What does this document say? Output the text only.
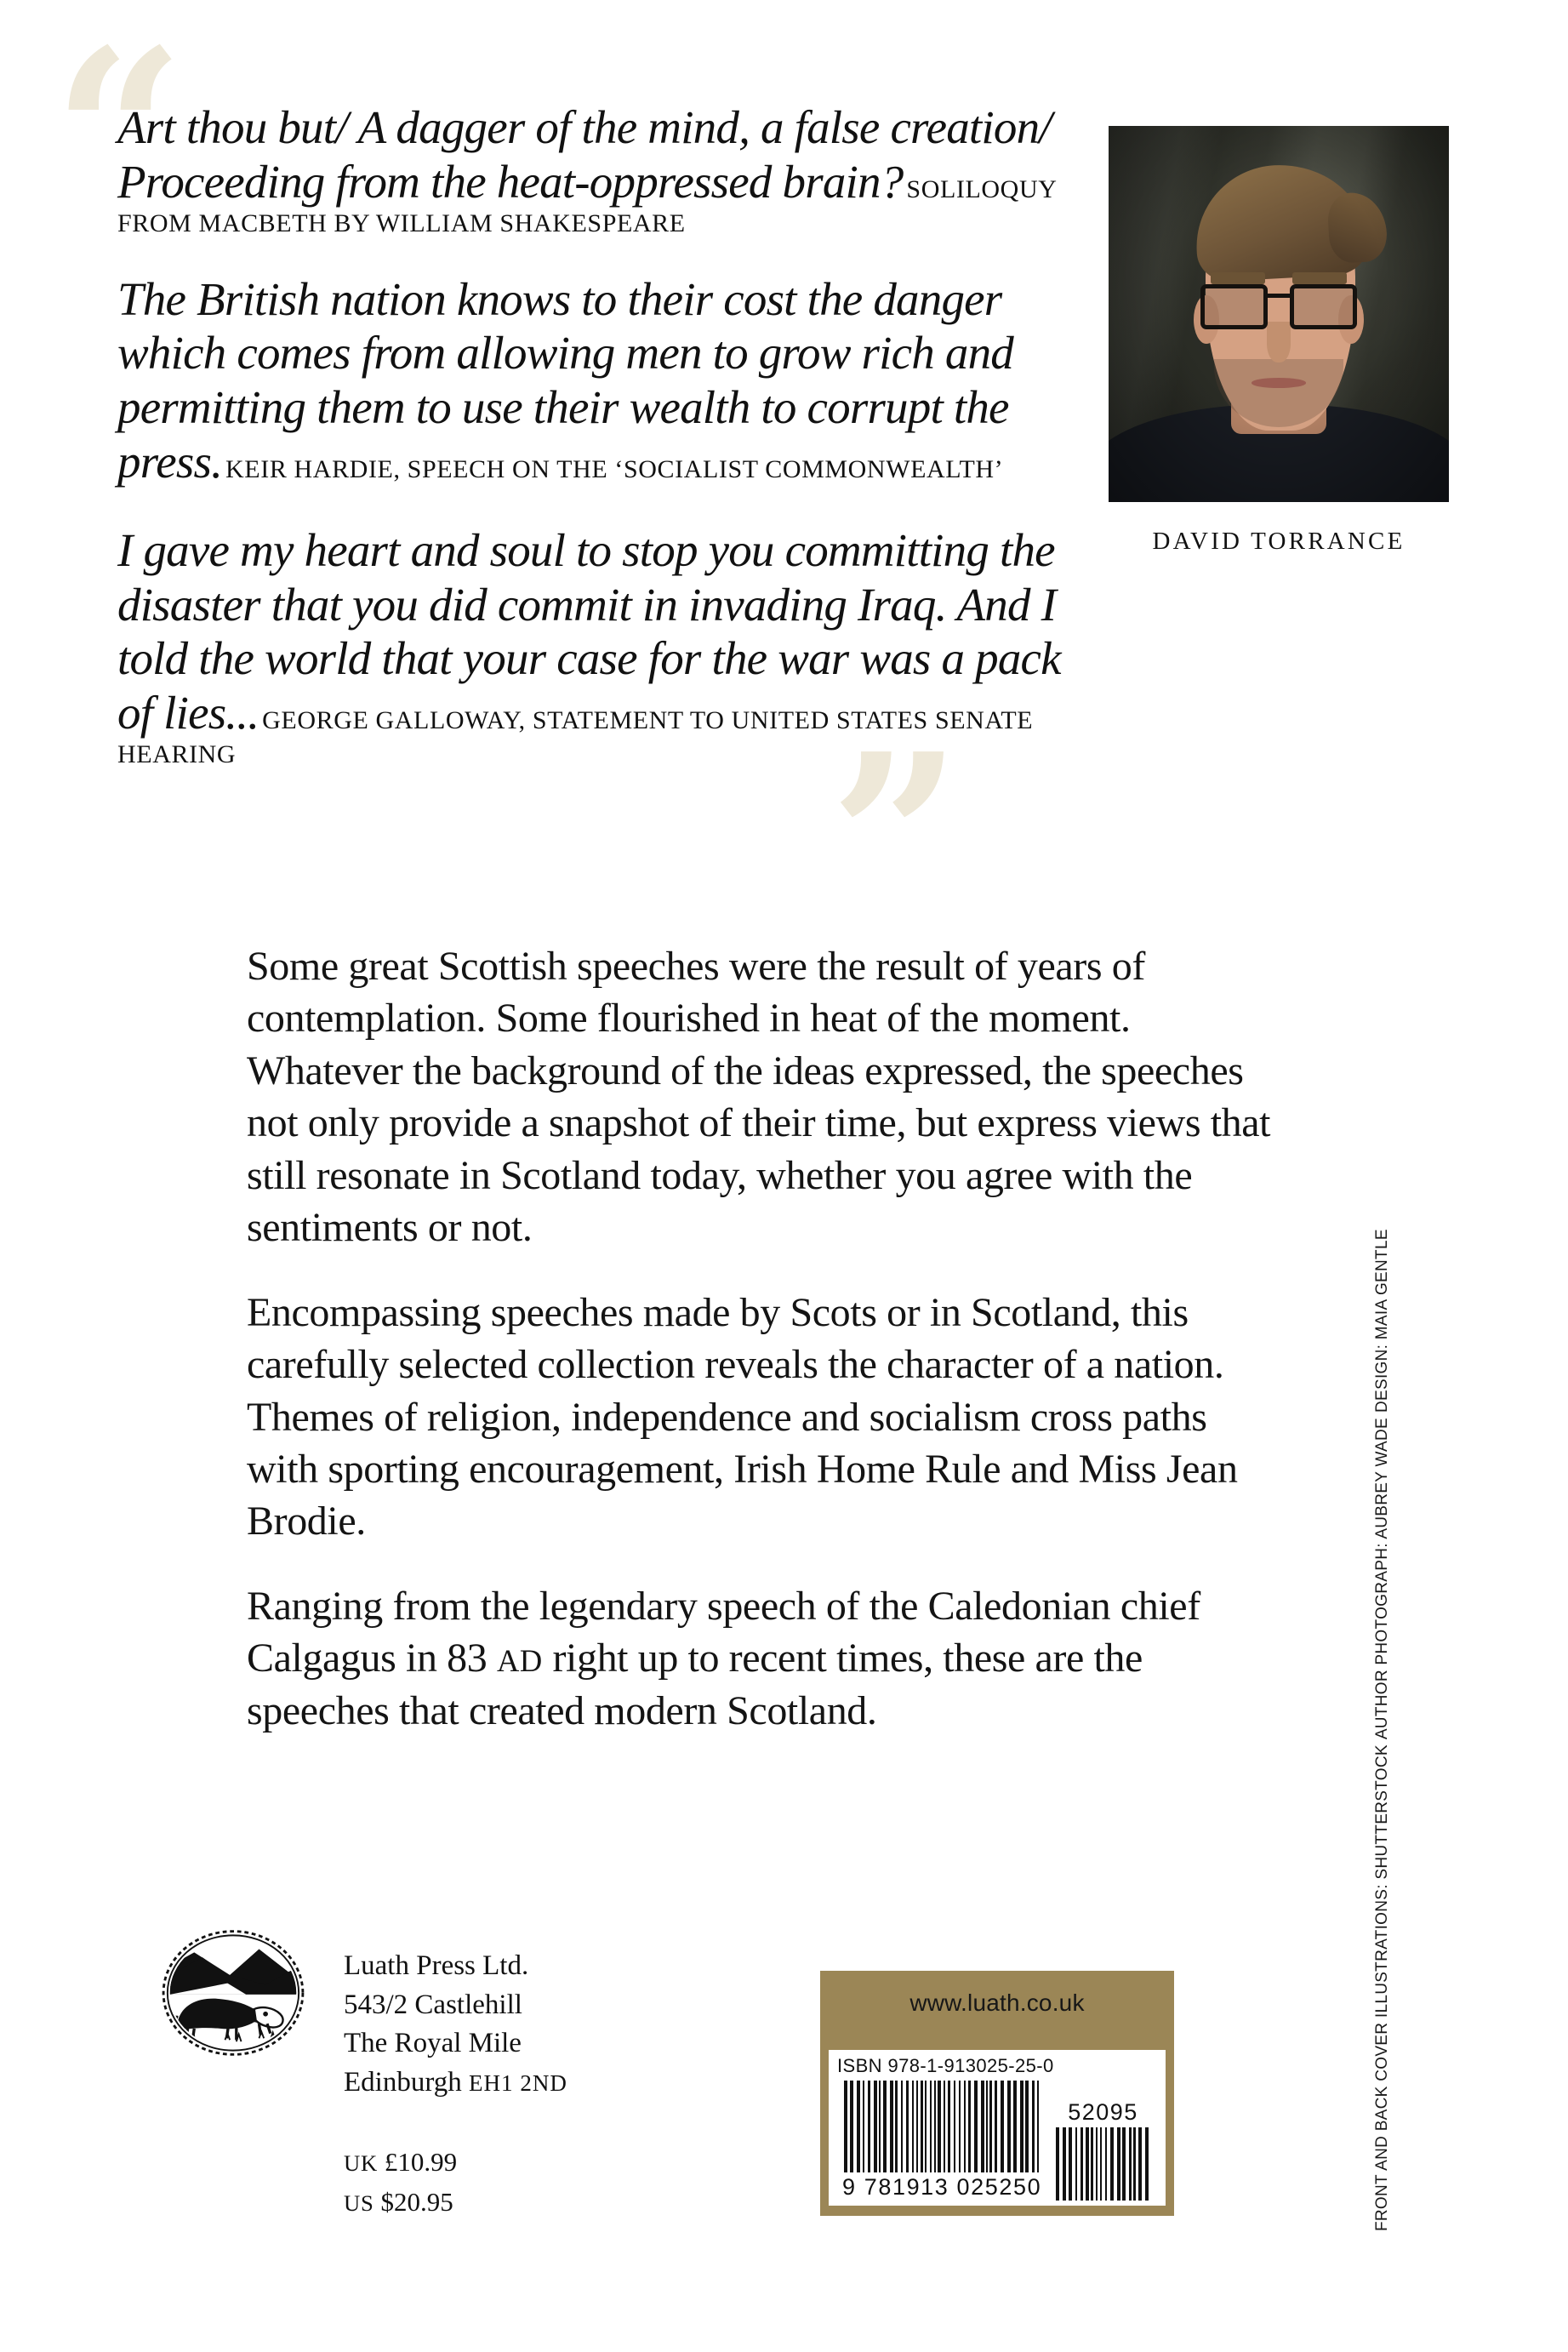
“
”
Art thou but/ A dagger of the mind, a false creation/ Proceeding from the heat-oppressed brain? SOLILOQUY FROM MACBETH BY WILLIAM SHAKESPEARE
The British nation knows to their cost the danger which comes from allowing men to grow rich and permitting them to use their wealth to corrupt the press. KEIR HARDIE, SPEECH ON THE ‘SOCIALIST COMMONWEALTH’
I gave my heart and soul to stop you committing the disaster that you did commit in invading Iraq. And I told the world that your case for the war was a pack of lies... GEORGE GALLOWAY, STATEMENT TO UNITED STATES SENATE HEARING
DAVID TORRANCE

Some great Scottish speeches were the result of years of contemplation. Some flourished in heat of the moment. Whatever the background of the ideas expressed, the speeches not only provide a snapshot of their time, but express views that still resonate in Scotland today, whether you agree with the sentiments or not.

Encompassing speeches made by Scots or in Scotland, this carefully selected collection reveals the character of a nation. Themes of religion, independence and socialism cross paths with sporting encouragement, Irish Home Rule and Miss Jean Brodie.

Ranging from the legendary speech of the Caledonian chief Calgagus in 83 AD right up to recent times, these are the speeches that created modern Scotland.

Luath Press Ltd.
543/2 Castlehill
The Royal Mile
Edinburgh EH1 2ND
UK £10.99
US $20.95
www.luath.co.uk
ISBN 978-1-913025-25-0
9 781913 025250
52095	FRONT AND BACK COVER ILLUSTRATIONS: SHUTTERSTOCK
AUTHOR PHOTOGRAPH: AUBREY WADE
DESIGN: MAIA GENTLE
